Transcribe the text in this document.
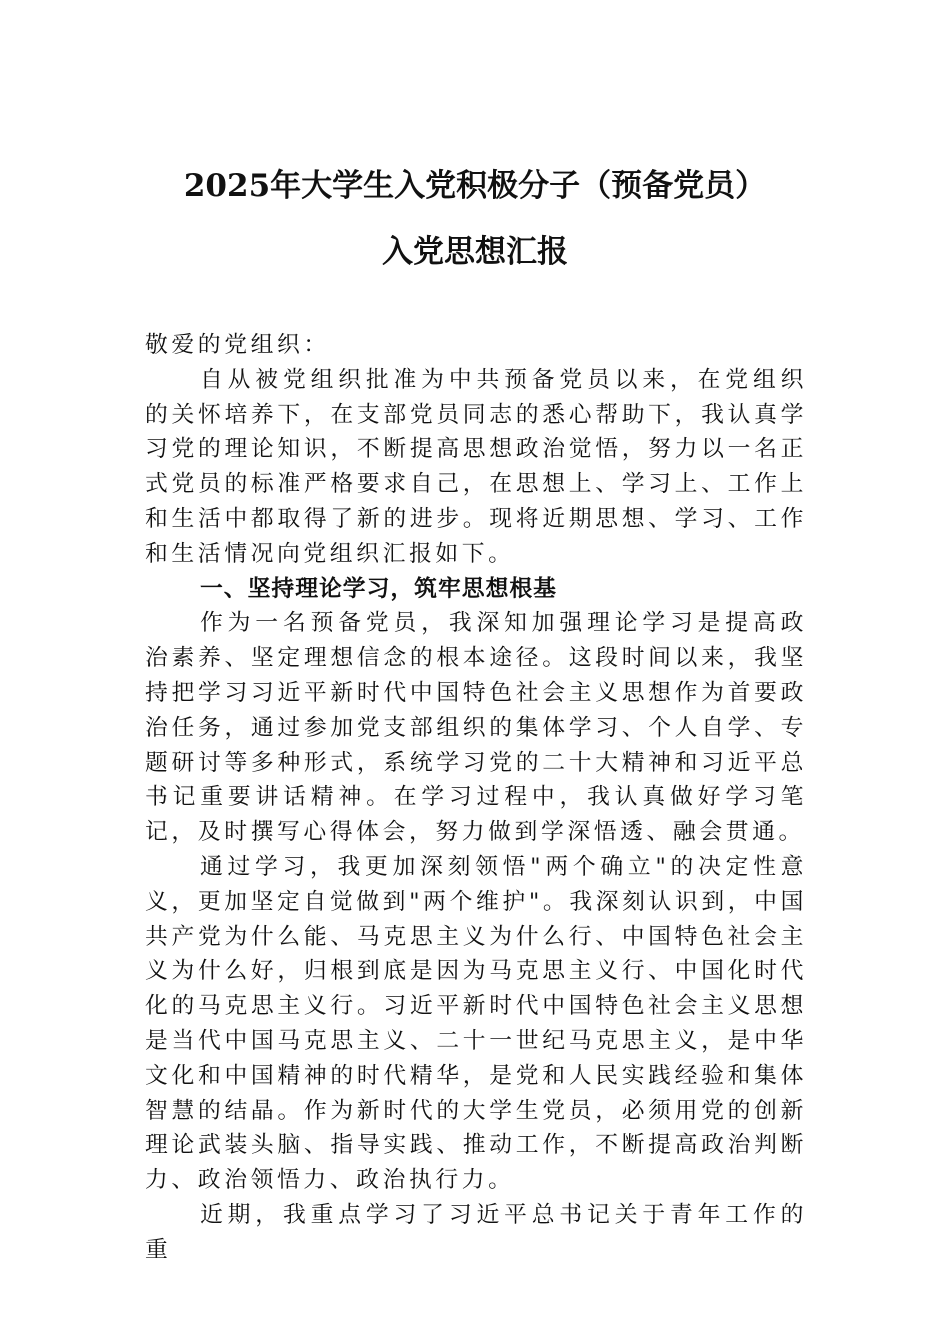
2025年大学生入党积极分子（预备党员）
入党思想汇报

敬爱的党组织：

自从被党组织批准为中共预备党员以来，在党组织的关怀培养下，在支部党员同志的悉心帮助下，我认真学习党的理论知识，不断提高思想政治觉悟，努力以一名正式党员的标准严格要求自己，在思想上、学习上、工作上和生活中都取得了新的进步。现将近期思想、学习、工作和生活情况向党组织汇报如下。

一、坚持理论学习，筑牢思想根基

作为一名预备党员，我深知加强理论学习是提高政治素养、坚定理想信念的根本途径。这段时间以来，我坚持把学习习近平新时代中国特色社会主义思想作为首要政治任务，通过参加党支部组织的集体学习、个人自学、专题研讨等多种形式，系统学习党的二十大精神和习近平总书记重要讲话精神。在学习过程中，我认真做好学习笔记，及时撰写心得体会，努力做到学深悟透、融会贯通。

通过学习，我更加深刻领悟"两个确立"的决定性意义，更加坚定自觉做到"两个维护"。我深刻认识到，中国共产党为什么能、马克思主义为什么行、中国特色社会主义为什么好，归根到底是因为马克思主义行、中国化时代化的马克思主义行。习近平新时代中国特色社会主义思想是当代中国马克思主义、二十一世纪马克思主义，是中华文化和中国精神的时代精华，是党和人民实践经验和集体智慧的结晶。作为新时代的大学生党员，必须用党的创新理论武装头脑、指导实践、推动工作，不断提高政治判断力、政治领悟力、政治执行力。

近期，我重点学习了习近平总书记关于青年工作的重
